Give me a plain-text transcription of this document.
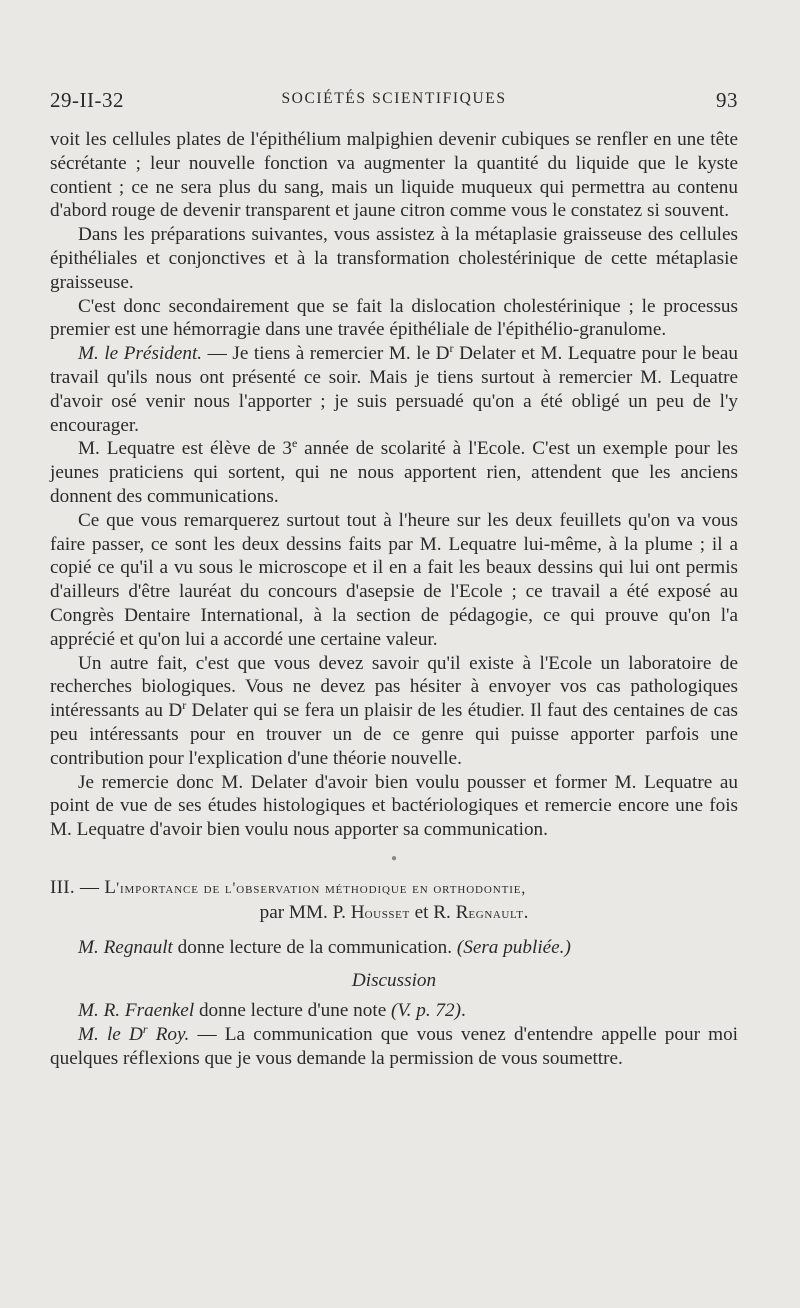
29-II-32	SOCIÉTÉS SCIENTIFIQUES	93

voit les cellules plates de l'épithélium malpighien devenir cubiques se renfler en une tête sécrétante ; leur nouvelle fonction va augmenter la quantité du liquide que le kyste contient ; ce ne sera plus du sang, mais un liquide muqueux qui permettra au contenu d'abord rouge de devenir transparent et jaune citron comme vous le constatez si souvent.

Dans les préparations suivantes, vous assistez à la métaplasie graisseuse des cellules épithéliales et conjonctives et à la transformation cholestérinique de cette métaplasie graisseuse.

C'est donc secondairement que se fait la dislocation cholestérinique ; le processus premier est une hémorragie dans une travée épithéliale de l'épithélio-granulome.

M. le Président. — Je tiens à remercier M. le $D^r$ Delater et M. Lequatre pour le beau travail qu'ils nous ont présenté ce soir. Mais je tiens surtout à remercier M. Lequatre d'avoir osé venir nous l'apporter ; je suis persuadé qu'on a été obligé un peu de l'y encourager.

M. Lequatre est élève de 3e année de scolarité à l'Ecole. C'est un exemple pour les jeunes praticiens qui sortent, qui ne nous apportent rien, attendent que les anciens donnent des communications.

Ce que vous remarquerez surtout tout à l'heure sur les deux feuillets qu'on va vous faire passer, ce sont les deux dessins faits par M. Lequatre lui-même, à la plume ; il a copié ce qu'il a vu sous le microscope et il en a fait les beaux dessins qui lui ont permis d'ailleurs d'être lauréat du concours d'asepsie de l'Ecole ; ce travail a été exposé au Congrès Dentaire International, à la section de pédagogie, ce qui prouve qu'on l'a apprécié et qu'on lui a accordé une certaine valeur.

Un autre fait, c'est que vous devez savoir qu'il existe à l'Ecole un laboratoire de recherches biologiques. Vous ne devez pas hésiter à envoyer vos cas pathologiques intéressants au $D^r$ Delater qui se fera un plaisir de les étudier. Il faut des centaines de cas peu intéressants pour en trouver un de ce genre qui puisse apporter parfois une contribution pour l'explication d'une théorie nouvelle.

Je remercie donc M. Delater d'avoir bien voulu pousser et former M. Lequatre au point de vue de ses études histologiques et bactériologiques et remercie encore une fois M. Lequatre d'avoir bien voulu nous apporter sa communication.

●

III. — L'importance de l'observation méthodique en orthodontie,

par MM. P. Housset et R. Regnault.

M. Regnault donne lecture de la communication. (Sera publiée.)

Discussion

M. R. Fraenkel donne lecture d'une note (V. p. 72).

M. le $D^r$ Roy. — La communication que vous venez d'entendre appelle pour moi quelques réflexions que je vous demande la permission de vous soumettre.
